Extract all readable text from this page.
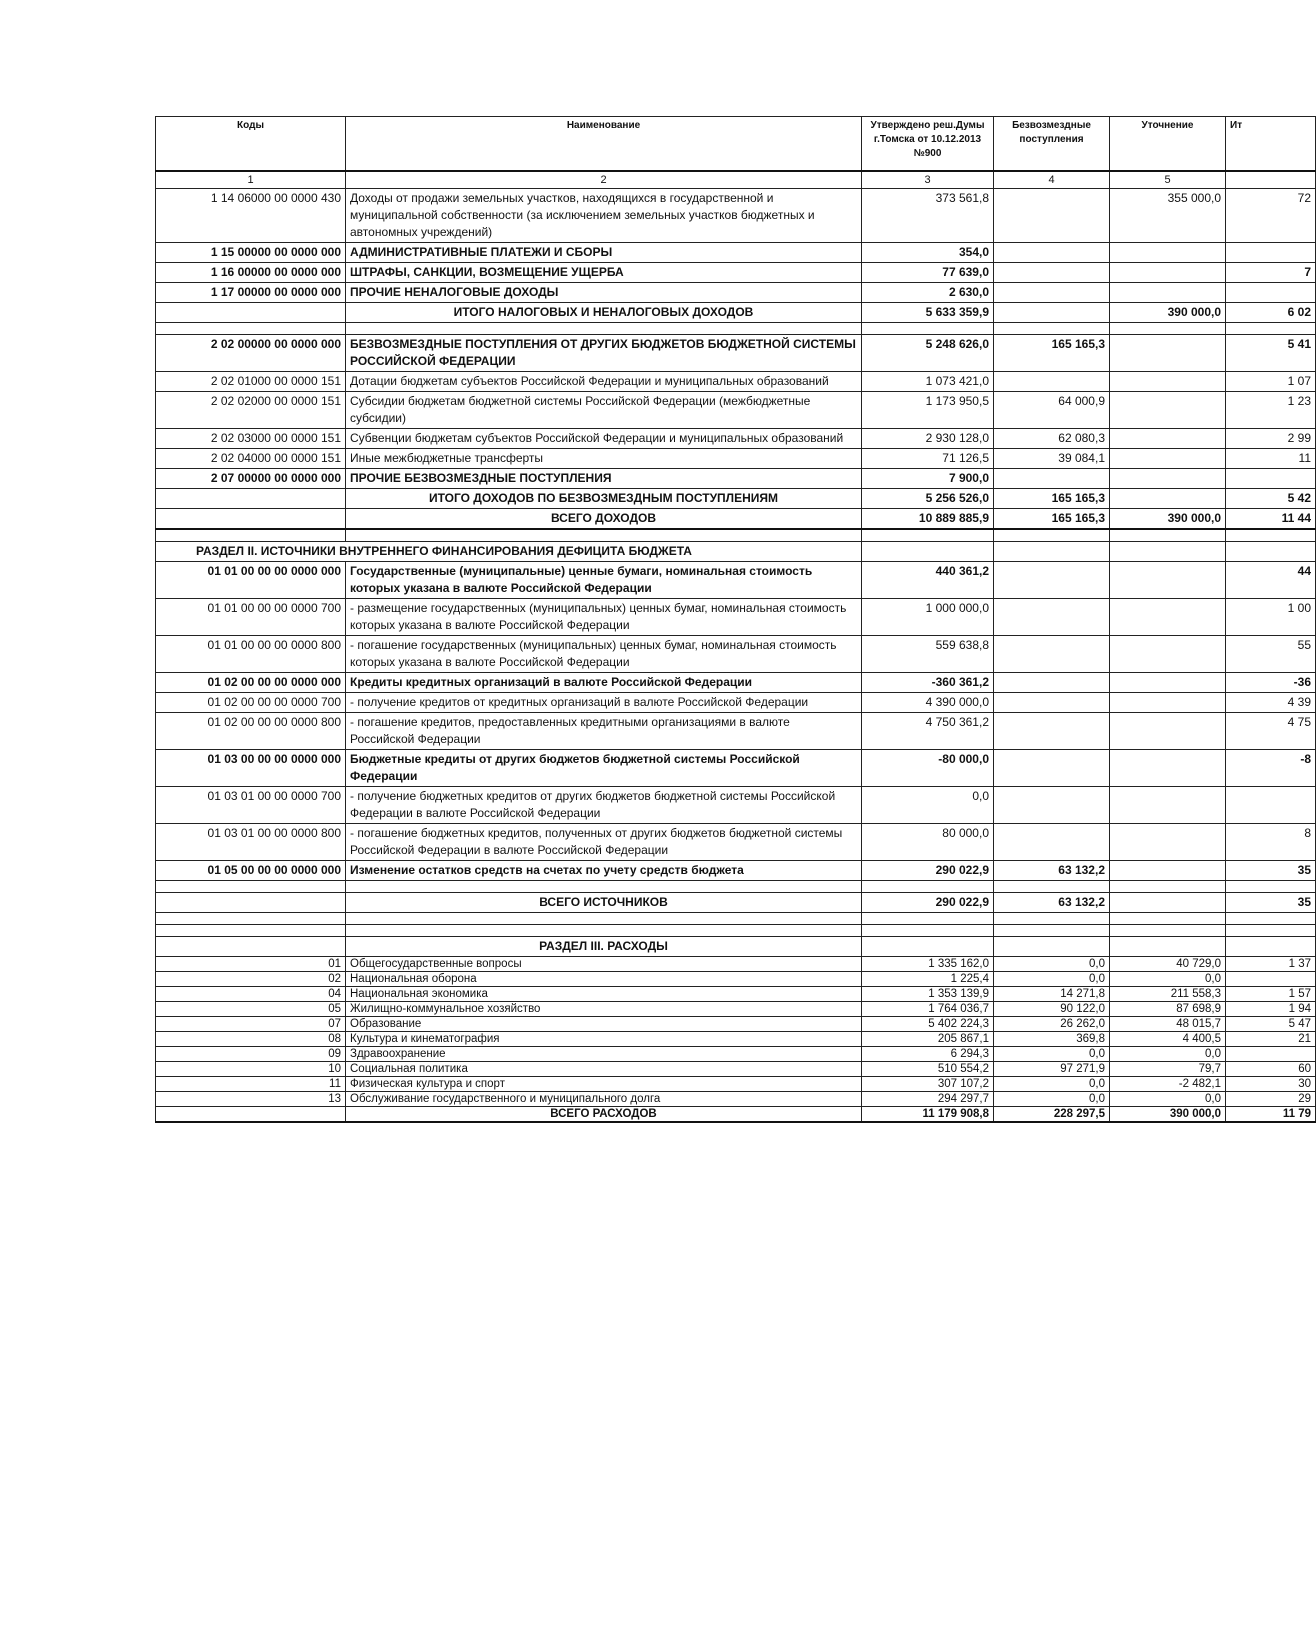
Коды	Наименование	Утверждено реш.Думы г.Томска от 10.12.2013 №900	Безвозмездные поступления	Уточнение	Ит
1	2	3	4	5	
1 14 06000 00 0000 430	Доходы от продажи земельных участков, находящихся в государственной и муниципальной собственности (за исключением земельных участков бюджетных и автономных учреждений)	373 561,8		355 000,0	72
1 15 00000 00 0000 000	АДМИНИСТРАТИВНЫЕ ПЛАТЕЖИ И СБОРЫ	354,0			
1 16 00000 00 0000 000	ШТРАФЫ, САНКЦИИ, ВОЗМЕЩЕНИЕ УЩЕРБА	77 639,0			7
1 17 00000 00 0000 000	ПРОЧИЕ НЕНАЛОГОВЫЕ ДОХОДЫ	2 630,0			
	ИТОГО НАЛОГОВЫХ И НЕНАЛОГОВЫХ ДОХОДОВ	5 633 359,9		390 000,0	6 02

2 02 00000 00 0000 000	БЕЗВОЗМЕЗДНЫЕ ПОСТУПЛЕНИЯ ОТ ДРУГИХ БЮДЖЕТОВ БЮДЖЕТНОЙ СИСТЕМЫ РОССИЙСКОЙ ФЕДЕРАЦИИ	5 248 626,0	165 165,3		5 41
2 02 01000 00 0000 151	Дотации бюджетам субъектов Российской Федерации и муниципальных образований	1 073 421,0			1 07
2 02 02000 00 0000 151	Субсидии бюджетам бюджетной системы Российской Федерации (межбюджетные субсидии)	1 173 950,5	64 000,9		1 23
2 02 03000 00 0000 151	Субвенции бюджетам субъектов Российской Федерации и муниципальных образований	2 930 128,0	62 080,3		2 99
2 02 04000 00 0000 151	Иные межбюджетные трансферты	71 126,5	39 084,1		11
2 07 00000 00 0000 000	ПРОЧИЕ БЕЗВОЗМЕЗДНЫЕ ПОСТУПЛЕНИЯ	7 900,0			
	ИТОГО ДОХОДОВ ПО БЕЗВОЗМЕЗДНЫМ ПОСТУПЛЕНИЯМ	5 256 526,0	165 165,3		5 42
	ВСЕГО ДОХОДОВ	10 889 885,9	165 165,3	390 000,0	11 44

РАЗДЕЛ II. ИСТОЧНИКИ ВНУТРЕННЕГО ФИНАНСИРОВАНИЯ ДЕФИЦИТА БЮДЖЕТА					
01 01 00 00 00 0000 000	Государственные (муниципальные) ценные бумаги, номинальная стоимость которых указана в валюте Российской Федерации	440 361,2			44
01 01 00 00 00 0000 700	- размещение государственных (муниципальных) ценных бумаг, номинальная стоимость которых указана в валюте Российской Федерации	1 000 000,0			1 00
01 01 00 00 00 0000 800	- погашение государственных (муниципальных) ценных бумаг, номинальная стоимость которых указана в валюте Российской Федерации	559 638,8			55
01 02 00 00 00 0000 000	Кредиты кредитных организаций в валюте Российской Федерации	-360 361,2			-36
01 02 00 00 00 0000 700	- получение кредитов от кредитных организаций в валюте Российской Федерации	4 390 000,0			4 39
01 02 00 00 00 0000 800	- погашение кредитов, предоставленных кредитными организациями в валюте Российской Федерации	4 750 361,2			4 75
01 03 00 00 00 0000 000	Бюджетные кредиты от других бюджетов бюджетной системы Российской Федерации	-80 000,0			-8
01 03 01 00 00 0000 700	- получение бюджетных кредитов от других бюджетов бюджетной системы Российской Федерации в валюте Российской Федерации	0,0			
01 03 01 00 00 0000 800	- погашение бюджетных кредитов, полученных от других бюджетов бюджетной системы Российской Федерации в валюте Российской Федерации	80 000,0			8
01 05 00 00 00 0000 000	Изменение остатков средств на счетах по учету средств бюджета	290 022,9	63 132,2		35

	ВСЕГО ИСТОЧНИКОВ	290 022,9	63 132,2		35

	РАЗДЕЛ III. РАСХОДЫ				
01	Общегосударственные вопросы	1 335 162,0	0,0	40 729,0	1 37
02	Национальная оборона	1 225,4	0,0	0,0	
04	Национальная экономика	1 353 139,9	14 271,8	211 558,3	1 57
05	Жилищно-коммунальное хозяйство	1 764 036,7	90 122,0	87 698,9	1 94
07	Образование	5 402 224,3	26 262,0	48 015,7	5 47
08	Культура и кинематография	205 867,1	369,8	4 400,5	21
09	Здравоохранение	6 294,3	0,0	0,0	
10	Социальная политика	510 554,2	97 271,9	79,7	60
11	Физическая культура и спорт	307 107,2	0,0	-2 482,1	30
13	Обслуживание государственного и муниципального долга	294 297,7	0,0	0,0	29
	ВСЕГО РАСХОДОВ	11 179 908,8	228 297,5	390 000,0	11 79
